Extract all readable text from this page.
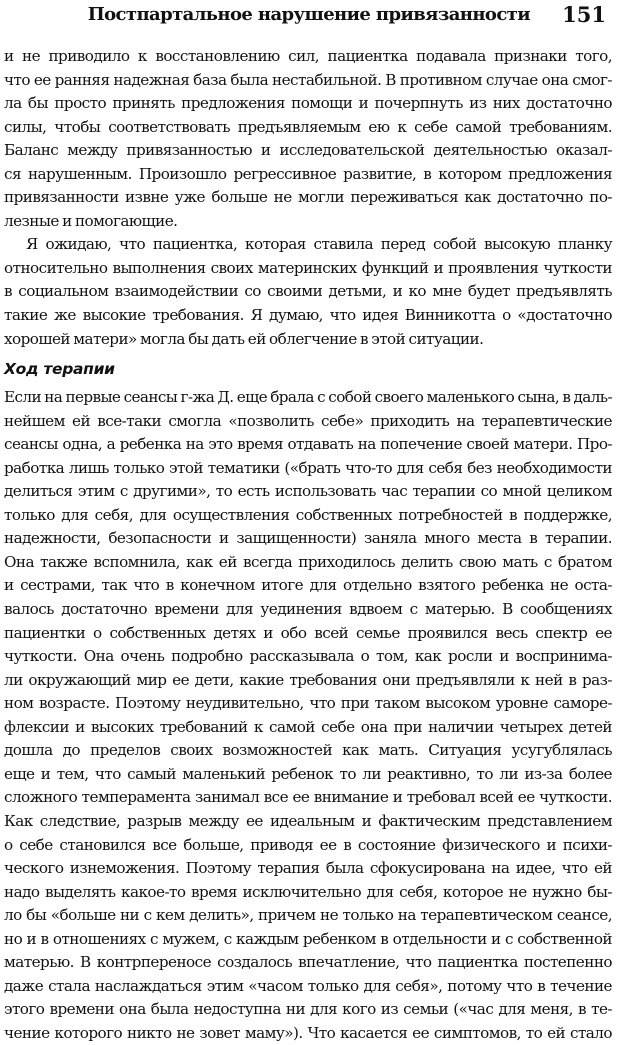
Постпартальное нарушение привязанности 151
и не приводило к восстановлению сил, пациентка подавала признаки того,
что ее ранняя надежная база была нестабильной. В противном случае она смог-
ла бы просто принять предложения помощи и почерпнуть из них достаточно
силы, чтобы соответствовать предъявляемым ею к себе самой требованиям.
Баланс между привязанностью и исследовательской деятельностью оказал-
ся нарушенным. Произошло регрессивное развитие, в котором предложения
привязанности извне уже больше не могли переживаться как достаточно по-
лезные и помогающие.
Я ожидаю, что пациентка, которая ставила перед собой высокую планку
относительно выполнения своих материнских функций и проявления чуткости
в социальном взаимодействии со своими детьми, и ко мне будет предъявлять
такие же высокие требования. Я думаю, что идея Винникотта о «достаточно
хорошей матери» могла бы дать ей облегчение в этой ситуации.
Ход терапии
Если на первые сеансы г-жа Д. еще брала с собой своего маленького сына, в даль-
нейшем ей все-таки смогла «позволить себе» приходить на терапевтические
сеансы одна, а ребенка на это время отдавать на попечение своей матери. Про-
работка лишь только этой тематики («брать что-то для себя без необходимости
делиться этим с другими», то есть использовать час терапии со мной целиком
только для себя, для осуществления собственных потребностей в поддержке,
надежности, безопасности и защищенности) заняла много места в терапии.
Она также вспомнила, как ей всегда приходилось делить свою мать с братом
и сестрами, так что в конечном итоге для отдельно взятого ребенка не оста-
валось достаточно времени для уединения вдвоем с матерью. В сообщениях
пациентки о собственных детях и обо всей семье проявился весь спектр ее
чуткости. Она очень подробно рассказывала о том, как росли и воспринима-
ли окружающий мир ее дети, какие требования они предъявляли к ней в раз-
ном возрасте. Поэтому неудивительно, что при таком высоком уровне саморе-
флексии и высоких требований к самой себе она при наличии четырех детей
дошла до пределов своих возможностей как мать. Ситуация усугублялась
еще и тем, что самый маленький ребенок то ли реактивно, то ли из-за более
сложного темперамента занимал все ее внимание и требовал всей ее чуткости.
Как следствие, разрыв между ее идеальным и фактическим представлением
о себе становился все больше, приводя ее в состояние физического и психи-
ческого изнеможения. Поэтому терапия была сфокусирована на идее, что ей
надо выделять какое-то время исключительно для себя, которое не нужно бы-
ло бы «больше ни с кем делить», причем не только на терапевтическом сеансе,
но и в отношениях с мужем, с каждым ребенком в отдельности и с собственной
матерью. В контрпереносе создалось впечатление, что пациентка постепенно
даже стала наслаждаться этим «часом только для себя», потому что в течение
этого времени она была недоступна ни для кого из семьи («час для меня, в те-
чение которого никто не зовет маму»). Что касается ее симптомов, то ей стало
